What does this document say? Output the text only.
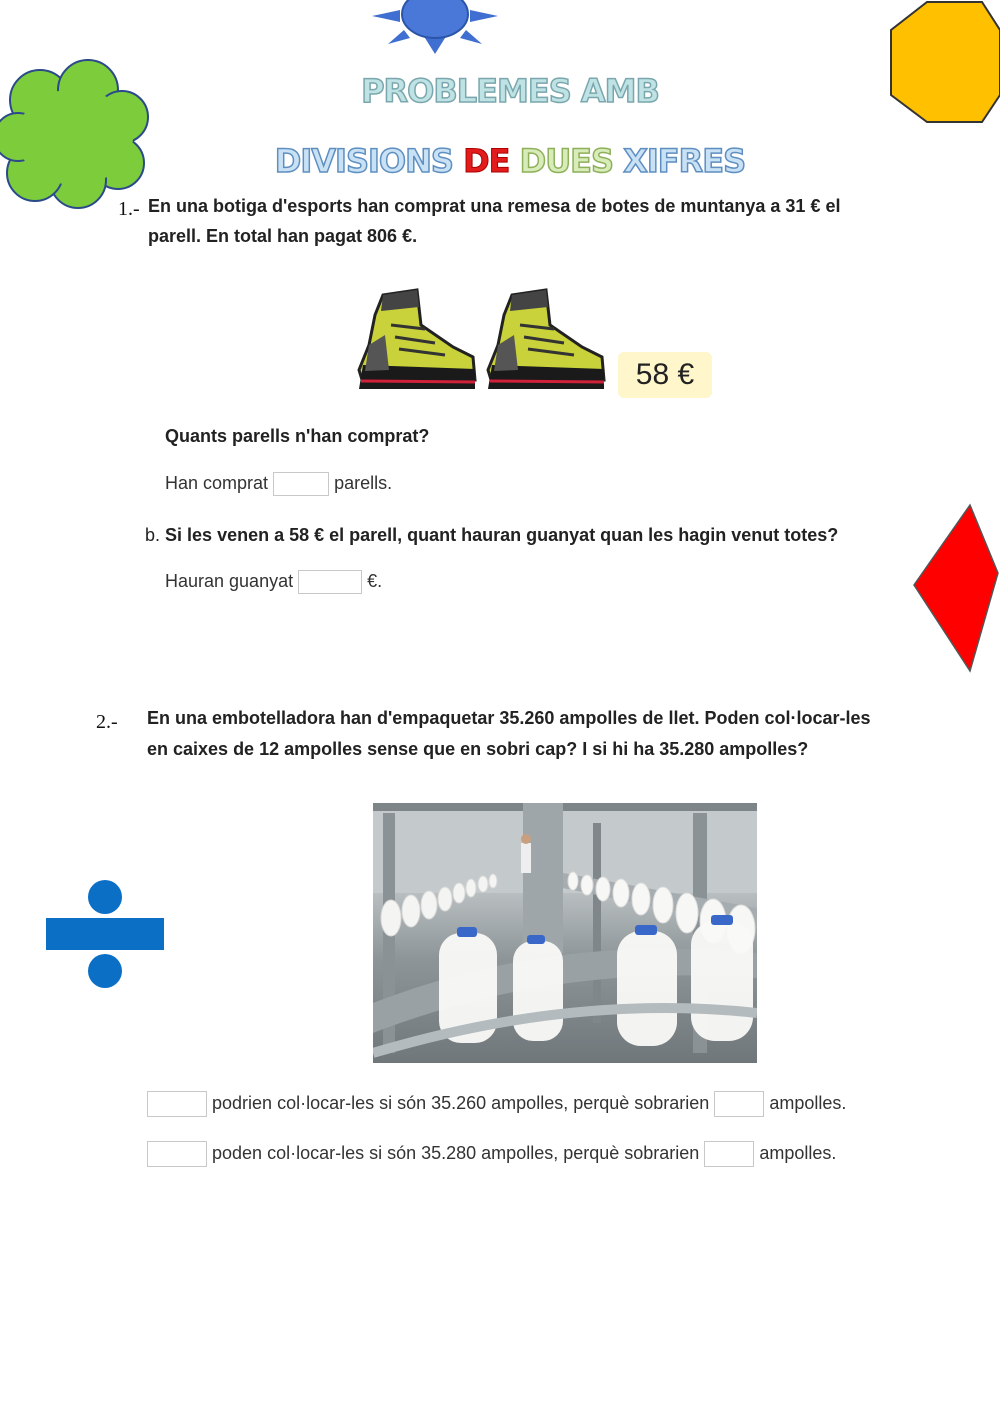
PROBLEMES AMB
DIVISIONS DE DUES XIFRES
1.- En una botiga d'esports han comprat una remesa de botes de muntanya a 31 € el
parell. En total han pagat 806 €.
58 €
Quants parells n'han comprat?
Han comprat	parells.
b. Si les venen a 58 € el parell, quant hauran guanyat quan les hagin venut totes?
Hauran guanyat	€.
2.- En una embotelladora han d'empaquetar 35.260 ampolles de llet. Poden col·locar-les
en caixes de 12 ampolles sense que en sobri cap? I si hi ha 35.280 ampolles?
podrien col·locar-les si són 35.260 ampolles, perquè sobrarien	ampolles.
poden col·locar-les si són 35.280 ampolles, perquè sobrarien	ampolles.
